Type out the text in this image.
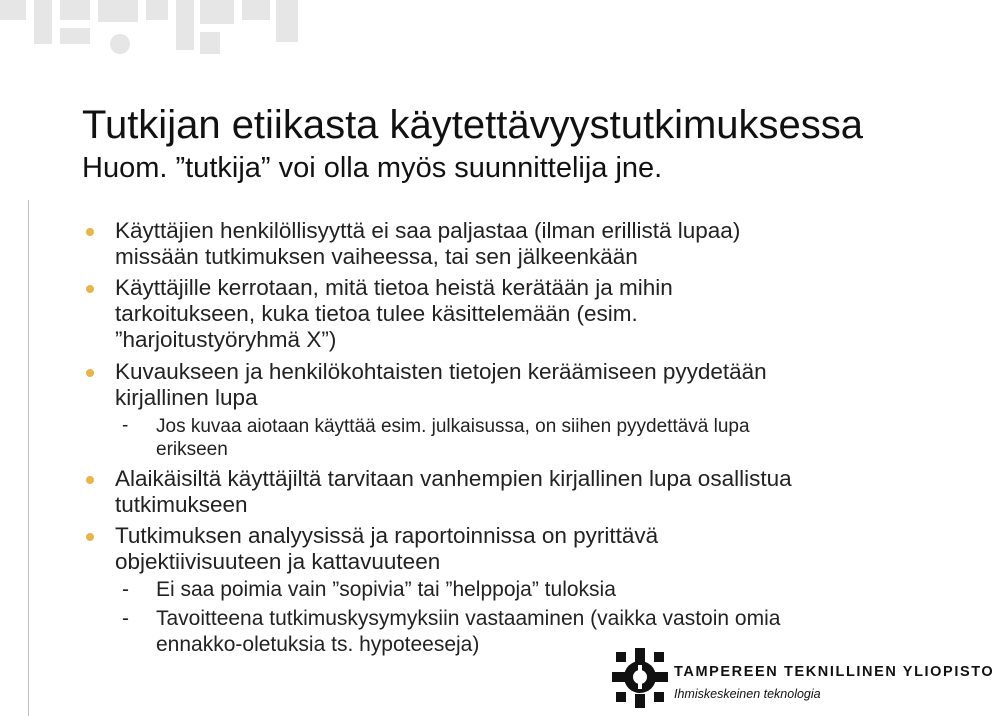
Tutkijan etiikasta käytettävyystutkimuksessa

Huom. ”tutkija” voi olla myös suunnittelija jne.

Käyttäjien henkilöllisyyttä ei saa paljastaa (ilman erillistä lupaa)
missään tutkimuksen vaiheessa, tai sen jälkeenkään
Käyttäjille kerrotaan, mitä tietoa heistä kerätään ja mihin
tarkoitukseen, kuka tietoa tulee käsittelemään (esim.
”harjoitustyöryhmä X”)
Kuvaukseen ja henkilökohtaisten tietojen keräämiseen pyydetään
kirjallinen lupa
- Jos kuvaa aiotaan käyttää esim. julkaisussa, on siihen pyydettävä lupa
erikseen
Alaikäisiltä käyttäjiltä tarvitaan vanhempien kirjallinen lupa osallistua
tutkimukseen
Tutkimuksen analyysissä ja raportoinnissa on pyrittävä
objektiivisuuteen ja kattavuuteen
- Ei saa poimia vain ”sopivia” tai ”helppoja” tuloksia
- Tavoitteena tutkimuskysymyksiin vastaaminen (vaikka vastoin omia
ennakko-oletuksia ts. hypoteeseja)

TAMPEREEN TEKNILLINEN YLIOPISTO

Ihmiskeskeinen teknologia
